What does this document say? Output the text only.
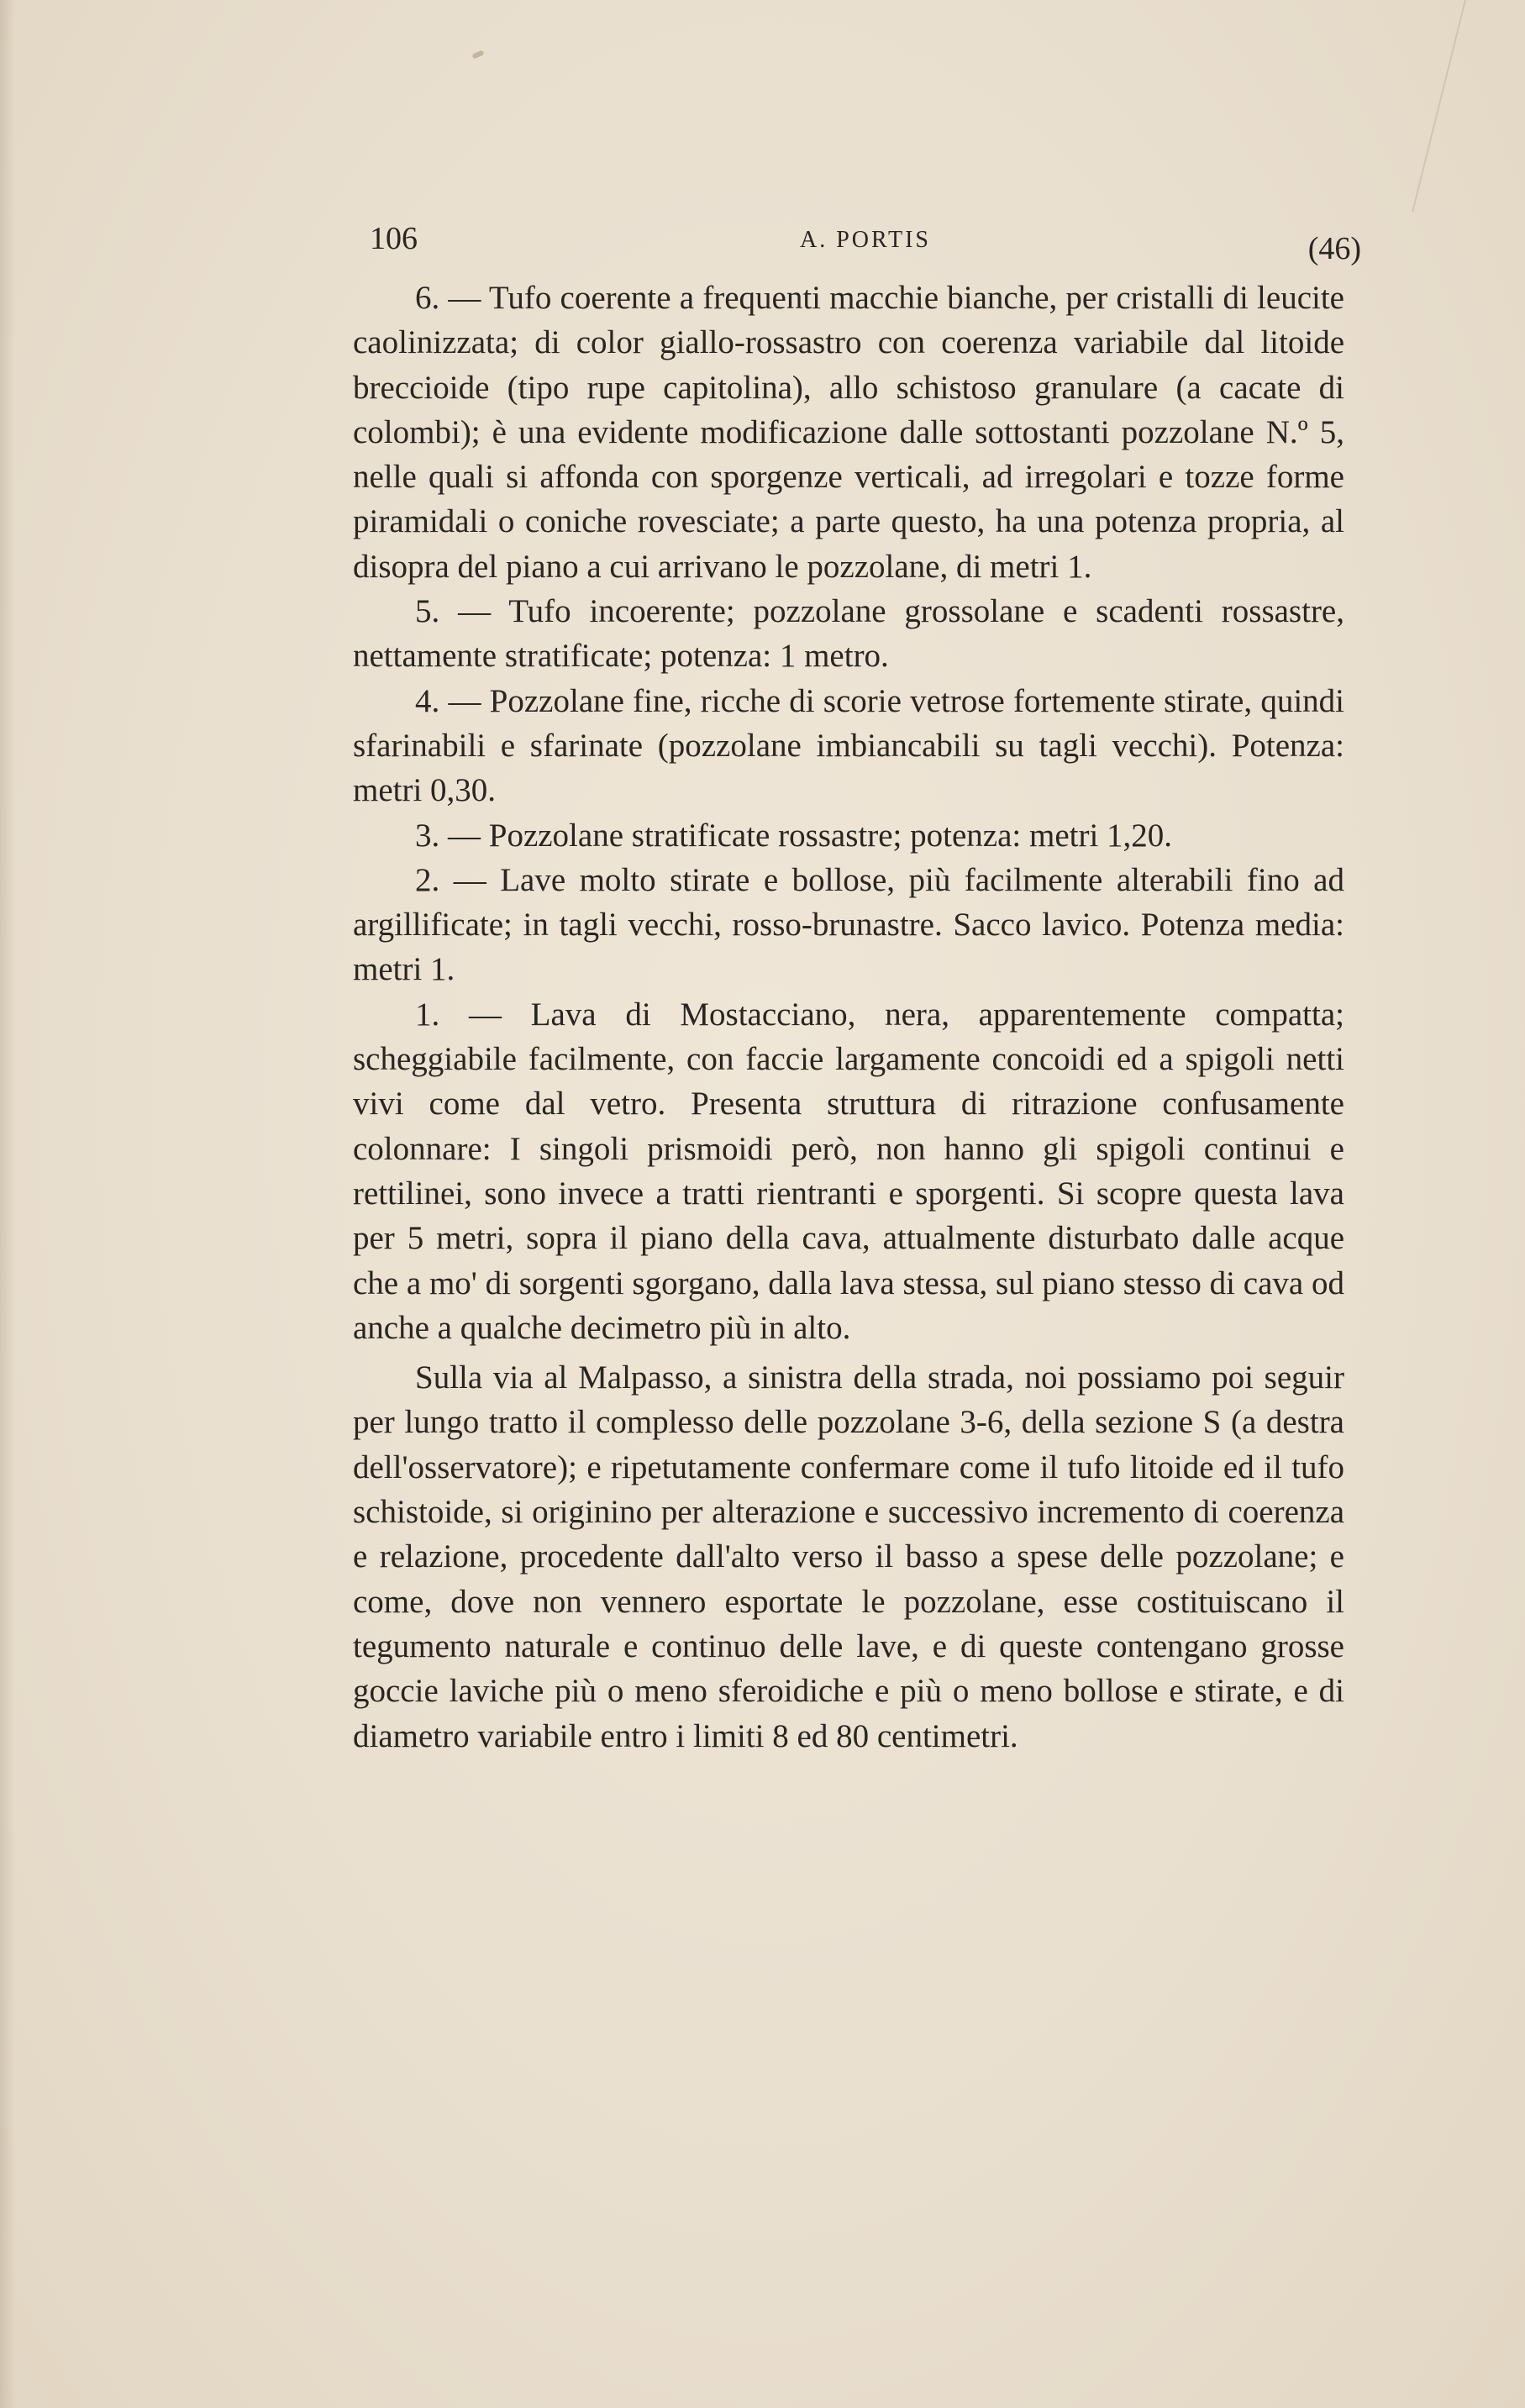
106	A. PORTIS	(46)

6. — Tufo coerente a frequenti macchie bianche, per cristalli di leucite caolinizzata; di color giallo-rossastro con coerenza variabile dal litoide breccioide (tipo rupe capitolina), allo schistoso granulare (a cacate di colombi); è una evidente modificazione dalle sottostanti pozzolane N.º 5, nelle quali si affonda con sporgenze verticali, ad irregolari e tozze forme piramidali o coniche rovesciate; a parte questo, ha una potenza propria, al disopra del piano a cui arrivano le pozzolane, di metri 1.

5. — Tufo incoerente; pozzolane grossolane e scadenti rossastre, nettamente stratificate; potenza: 1 metro.

4. — Pozzolane fine, ricche di scorie vetrose fortemente stirate, quindi sfarinabili e sfarinate (pozzolane imbiancabili su tagli vecchi). Potenza: metri 0,30.

3. — Pozzolane stratificate rossastre; potenza: metri 1,20.

2. — Lave molto stirate e bollose, più facilmente alterabili fino ad argillificate; in tagli vecchi, rosso-brunastre. Sacco lavico. Potenza media: metri 1.

1. — Lava di Mostacciano, nera, apparentemente compatta; scheggiabile facilmente, con faccie largamente concoidi ed a spigoli netti vivi come dal vetro. Presenta struttura di ritrazione confusamente colonnare: I singoli prismoidi però, non hanno gli spigoli continui e rettilinei, sono invece a tratti rientranti e sporgenti. Si scopre questa lava per 5 metri, sopra il piano della cava, attualmente disturbato dalle acque che a mo' di sorgenti sgorgano, dalla lava stessa, sul piano stesso di cava od anche a qualche decimetro più in alto.

Sulla via al Malpasso, a sinistra della strada, noi possiamo poi seguir per lungo tratto il complesso delle pozzolane 3-6, della sezione S (a destra dell'osservatore); e ripetutamente confermare come il tufo litoide ed il tufo schistoide, si originino per alterazione e successivo incremento di coerenza e relazione, procedente dall'alto verso il basso a spese delle pozzolane; e come, dove non vennero esportate le pozzolane, esse costituiscano il tegumento naturale e continuo delle lave, e di queste contengano grosse goccie laviche più o meno sferoidiche e più o meno bollose e stirate, e di diametro variabile entro i limiti 8 ed 80 centimetri.
